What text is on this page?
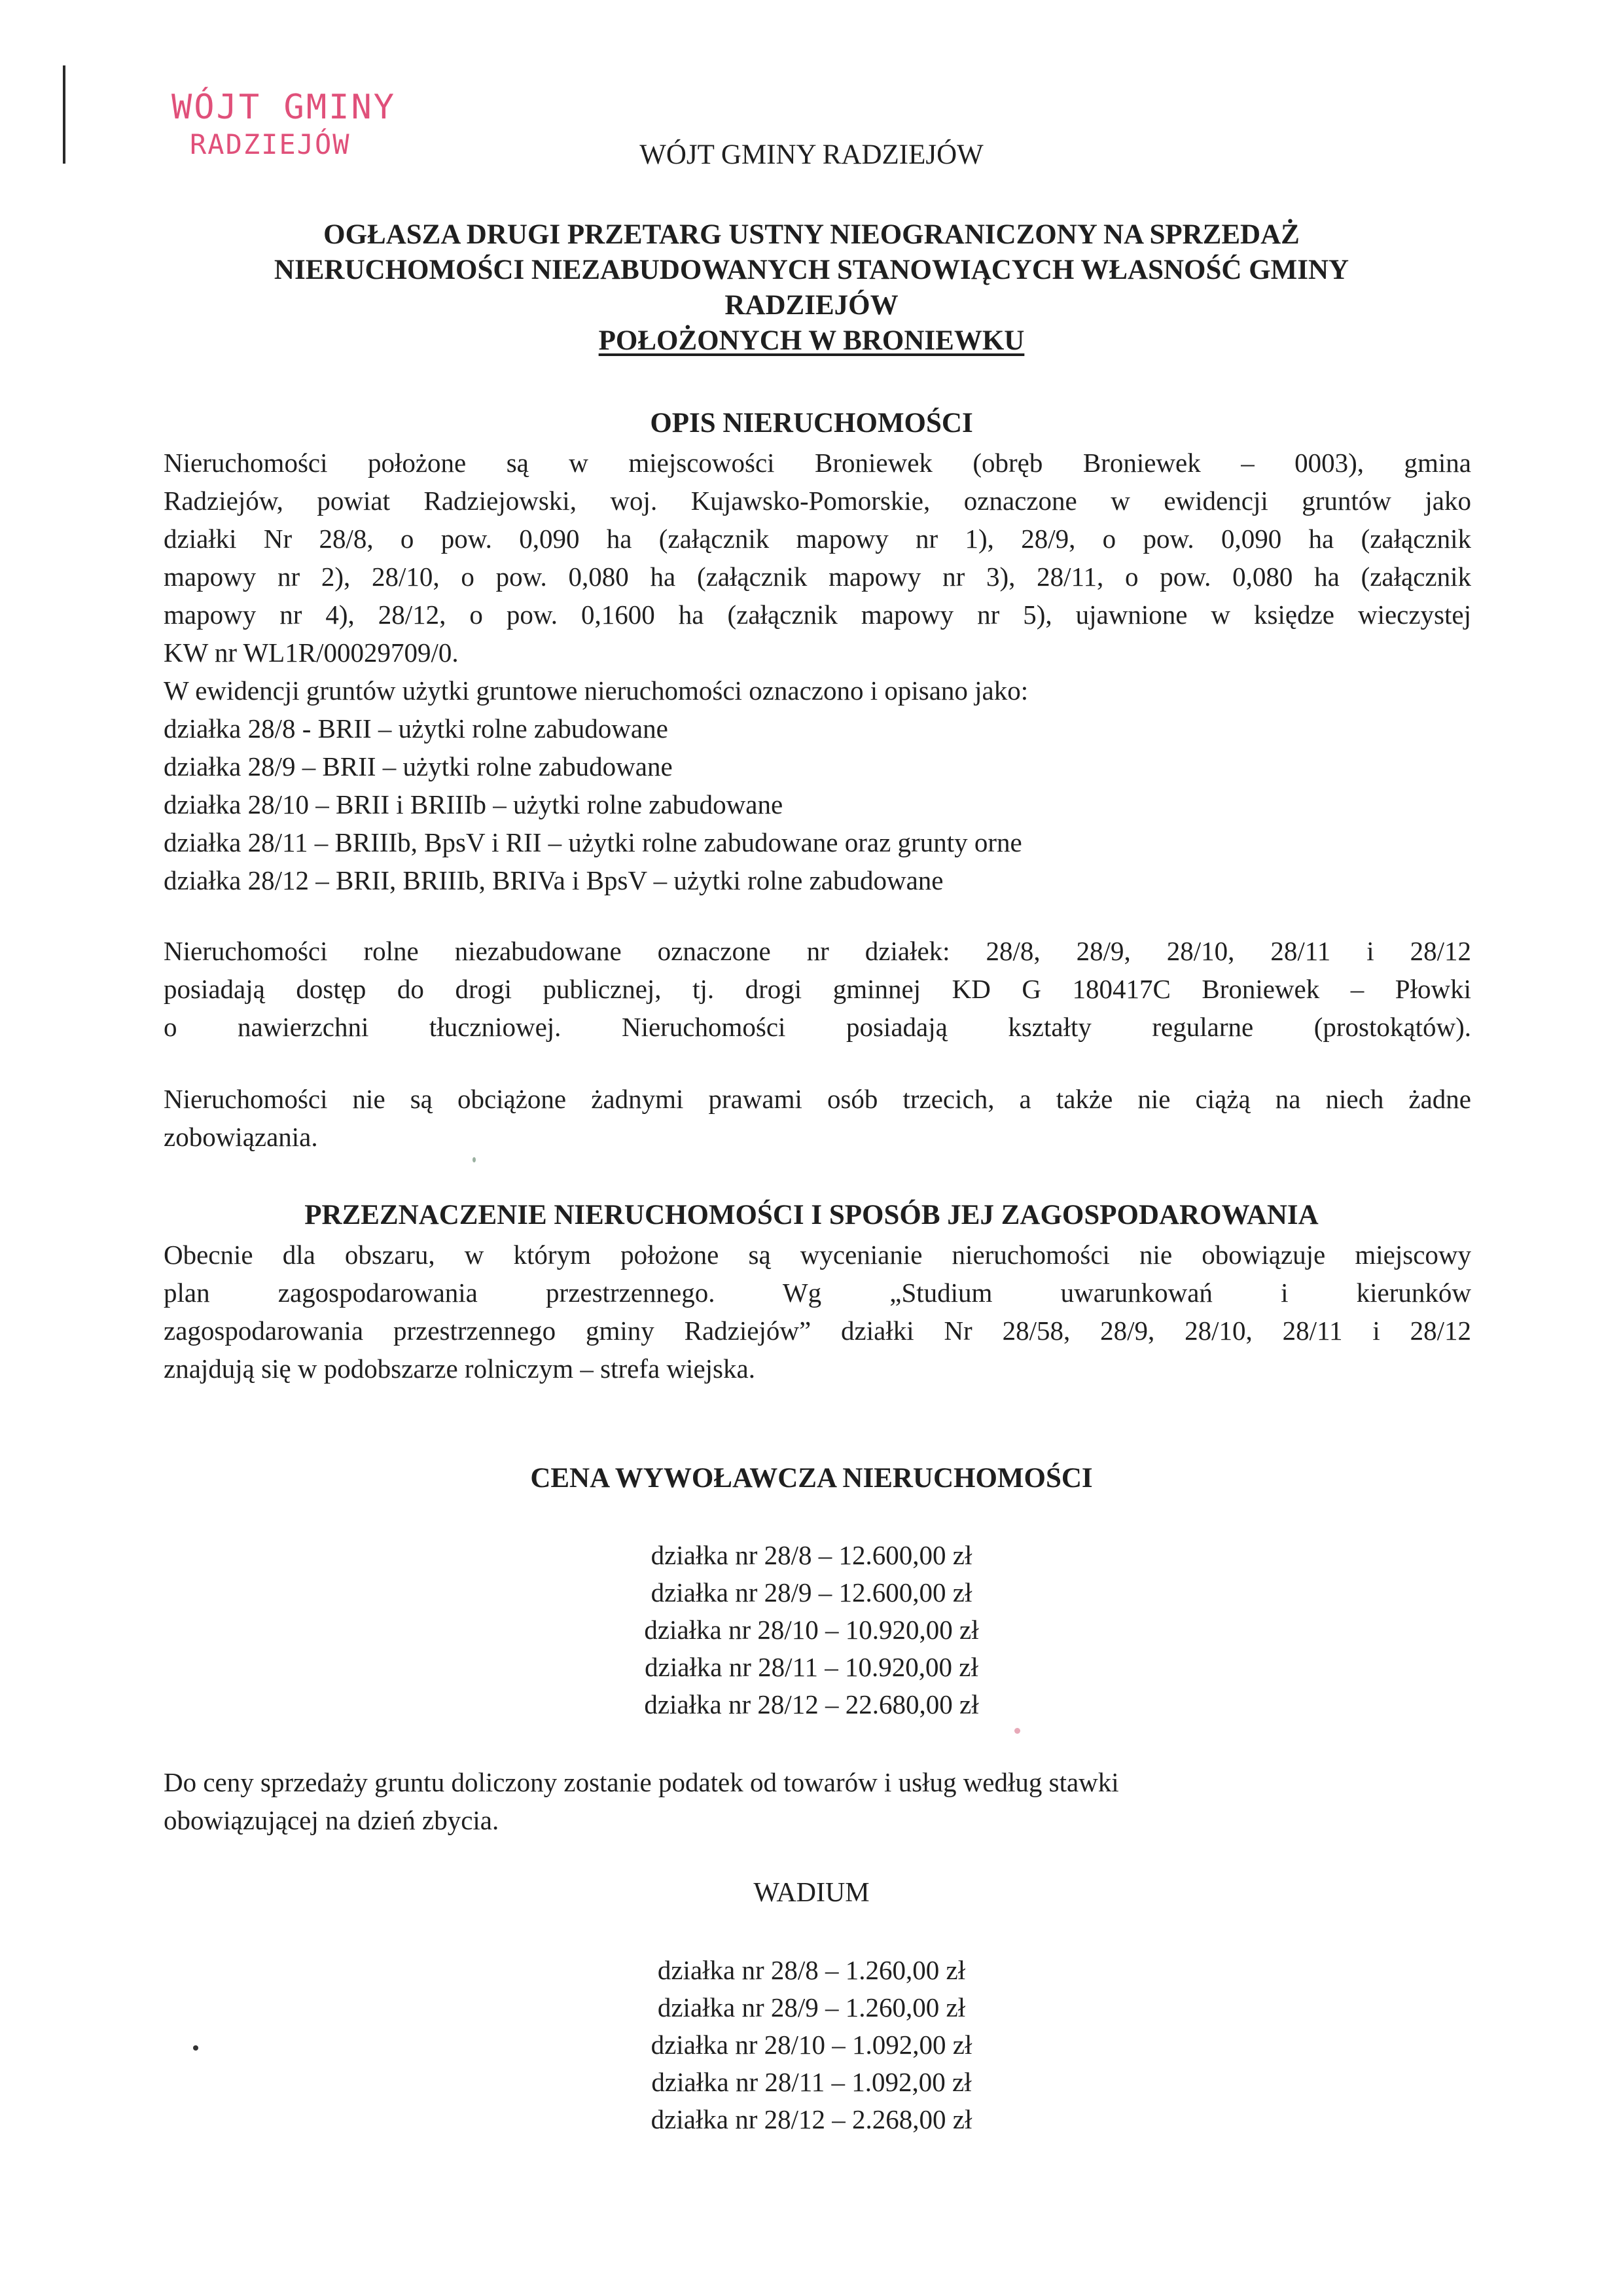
WÓJT GMINY
RADZIEJÓW	WÓJT GMINY RADZIEJÓW
OGŁASZA DRUGI PRZETARG USTNY NIEOGRANICZONY NA SPRZEDAŻ
NIERUCHOMOŚCI NIEZABUDOWANYCH STANOWIĄCYCH WŁASNOŚĆ GMINY
RADZIEJÓW
POŁOŻONYCH W BRONIEWKU
OPIS NIERUCHOMOŚCI
Nieruchomości położone są w miejscowości Broniewek (obręb Broniewek – 0003), gmina
Radziejów, powiat Radziejowski, woj. Kujawsko-Pomorskie, oznaczone w ewidencji gruntów jako
działki Nr 28/8, o pow. 0,090 ha (załącznik mapowy nr 1), 28/9, o pow. 0,090 ha (załącznik
mapowy nr 2), 28/10, o pow. 0,080 ha (załącznik mapowy nr 3), 28/11, o pow. 0,080 ha (załącznik
mapowy nr 4), 28/12, o pow. 0,1600 ha (załącznik mapowy nr 5), ujawnione w księdze wieczystej
KW nr WL1R/00029709/0.
W ewidencji gruntów użytki gruntowe nieruchomości oznaczono i opisano jako:
działka 28/8 - BRII – użytki rolne zabudowane
działka 28/9 – BRII – użytki rolne zabudowane
działka 28/10 – BRII i BRIIIb – użytki rolne zabudowane
działka 28/11 – BRIIIb, BpsV i RII – użytki rolne zabudowane oraz grunty orne
działka 28/12 – BRII, BRIIIb, BRIVa i BpsV – użytki rolne zabudowane
Nieruchomości rolne niezabudowane oznaczone nr działek: 28/8, 28/9, 28/10, 28/11 i 28/12
posiadają dostęp do drogi publicznej, tj. drogi gminnej KD G 180417C Broniewek – Płowki
o nawierzchni tłuczniowej. Nieruchomości posiadają kształty regularne (prostokątów).
Nieruchomości nie są obciążone żadnymi prawami osób trzecich, a także nie ciążą na niech żadne
zobowiązania.
PRZEZNACZENIE NIERUCHOMOŚCI I SPOSÓB JEJ ZAGOSPODAROWANIA
Obecnie dla obszaru, w którym położone są wycenianie nieruchomości nie obowiązuje miejscowy
plan zagospodarowania przestrzennego. Wg „Studium uwarunkowań i kierunków
zagospodarowania przestrzennego gminy Radziejów” działki Nr 28/58, 28/9, 28/10, 28/11 i 28/12
znajdują się w podobszarze rolniczym – strefa wiejska.
CENA WYWOŁAWCZA NIERUCHOMOŚCI
działka nr 28/8 – 12.600,00 zł
działka nr 28/9 – 12.600,00 zł
działka nr 28/10 – 10.920,00 zł
działka nr 28/11 – 10.920,00 zł
działka nr 28/12 – 22.680,00 zł
Do ceny sprzedaży gruntu doliczony zostanie podatek od towarów i usług według stawki
obowiązującej na dzień zbycia.
WADIUM
działka nr 28/8 – 1.260,00 zł
działka nr 28/9 – 1.260,00 zł
działka nr 28/10 – 1.092,00 zł
działka nr 28/11 – 1.092,00 zł
działka nr 28/12 – 2.268,00 zł
